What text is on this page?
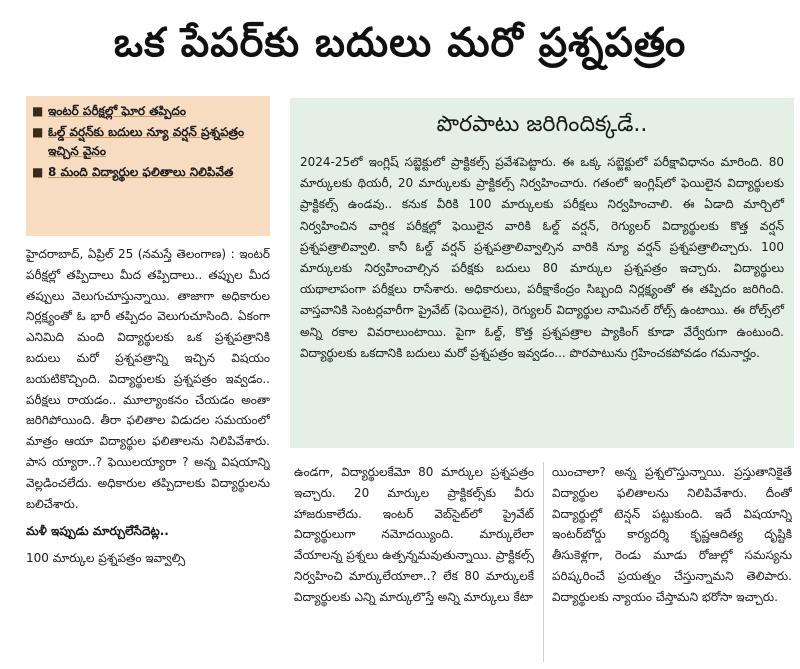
ఒక పేపర్‌కు బదులు మరో ప్రశ్నపత్రం
■ ఇంటర్ పరీక్షల్లో ఘోర తప్పిదం
■ ఓల్డ్ వర్షన్‌కు బదులు న్యూ వర్షన్ ప్రశ్నపత్రం ఇచ్చిన వైనం
■ 8 మంది విద్యార్థుల ఫలితాలు నిలిపివేత

హైదరాబాద్, ఏప్రిల్ 25 (నమస్తే తెలంగాణ) : ఇంటర్ పరీక్షల్లో తప్పిదాలు మీద తప్పిదాలు.. తప్పుల మీద తప్పులు వెలుగుచూస్తున్నాయి. తాజాగా అధికారుల నిర్లక్ష్యంతో ఓ భారీ తప్పిదం వెలుగుచూసింది. ఏకంగా ఎనిమిది మంది విద్యార్థులకు ఒక ప్రశ్నపత్రానికి బదులు మరో ప్రశ్నపత్రాన్ని ఇచ్చిన విషయం బయటికొచ్చింది. విద్యార్థులకు ప్రశ్నపత్రం ఇవ్వడం.. పరీక్షలు రాయడం.. మూల్యాంకనం చేయడం అంతా జరిగిపోయింది. తీరా ఫలితాల విడుదల సమయంలో మాత్రం ఆయా విద్యార్థుల ఫలితాలను నిలిపివేశారు. పాస య్యారా..? ఫెయిలయ్యారా ? అన్న విషయాన్ని వెల్లడించలేదు. అధికారుల తప్పిదాలకు విద్యార్థులను బలిచేశారు.

మళీ ఇప్పుడు మార్చులేసేదెట్ల..

100 మార్కుల ప్రశ్నపత్రం ఇవ్వాల్సి

పొరపాటు జరిగిందిక్కడే..
2024-25లో ఇంగ్లిష్ సబ్జెక్టులో ప్రాక్టికల్స్ ప్రవేశపెట్టారు. ఈ ఒక్క సబ్జెక్టులో పరీక్షావిధానం మారింది. 80 మార్కులకు థియరీ, 20 మార్కులకు ప్రాక్టికల్స్ నిర్వహించారు. గతంలో ఇంగ్లిష్‌లో ఫెయిలైన విద్యార్థులకు ప్రాక్టికల్స్ ఉండవు.. కనుక వీరికి 100 మార్కులకు పరీక్షలు నిర్వహించాలి. ఈ ఏడాది మార్చిలో నిర్వహించిన వార్షిక పరీక్షల్లో ఫెయిలైన వారికి ఓల్డ్ వర్షన్, రెగ్యులర్ విద్యార్థులకు కొత్త వర్షన్ ప్రశ్నపత్రాలివ్వాలి. కానీ ఓల్డ్ వర్షన్ ప్రశ్నపత్రాలివ్వాల్సిన వారికి న్యూ వర్షన్ ప్రశ్నపత్రాలిచ్చారు. 100 మార్కులకు నిర్వహించాల్సిన పరీక్షకు బదులు 80 మార్కుల ప్రశ్నపత్రం ఇచ్చారు. విద్యార్థులు యథాలాపంగా పరీక్షలు రాసేశారు. అధికారులు, పరీక్షాకేంద్రం సిబ్బంది నిర్లక్ష్యంతో ఈ తప్పిదం జరిగింది. వాస్తవానికి సెంటర్లవారీగా ప్రైవేట్ (ఫెయిలైన), రెగ్యులర్ విద్యార్థుల నామినల్ రోల్స్ ఉంటాయి. ఈ రోల్స్‌లో అన్ని రకాల వివరాలుంటాయి. పైగా ఓల్డ్, కొత్త ప్రశ్నపత్రాల ప్యాకింగ్ కూడా వేర్వేరుగా ఉంటుంది. విద్యార్థులకు ఒకదానికి బదులు మరో ప్రశ్నపత్రం ఇవ్వడం... పొరపాటును గ్రహించకపోవడం గమనార్హం.
ఉండగా, విద్యార్థులకేమో 80 మార్కుల ప్రశ్నపత్రం ఇచ్చారు. 20 మార్కుల ప్రాక్టికల్స్‌కు వీరు హాజరుకాలేదు. ఇంటర్ వెబ్‌సైట్‌లో ప్రైవేట్ విద్యార్థులుగా నమోదయ్యింది. మార్కులేలా వేయాలన్న ప్రశ్నలు ఉత్పన్నమవుతున్నాయి. ప్రాక్టికల్స్ నిర్వహించి మార్కులేయాలా..? లేక 80 మార్కులకే విద్యార్థులకు ఎన్ని మార్కులొస్తే అన్ని మార్కులు కేటా
యించాలా? అన్న ప్రశ్నలొస్తున్నాయి. ప్రస్తుతానికైతే విద్యార్థుల ఫలితాలను నిలిపివేశారు. దీంతో విద్యార్థుల్లో టెన్షన్ పట్టుకుంది. ఇదే విషయాన్ని ఇంటర్‌బోర్డు కార్యదర్శి కృష్ణఆదిత్య దృష్టికి తీసుకెళ్లగా, రెండు మూడు రోజుల్లో సమస్యను పరిష్కరించే ప్రయత్నం చేస్తున్నామని తెలిపారు. విద్యార్థులకు న్యాయం చేస్తామని భరోసా ఇచ్చారు.
